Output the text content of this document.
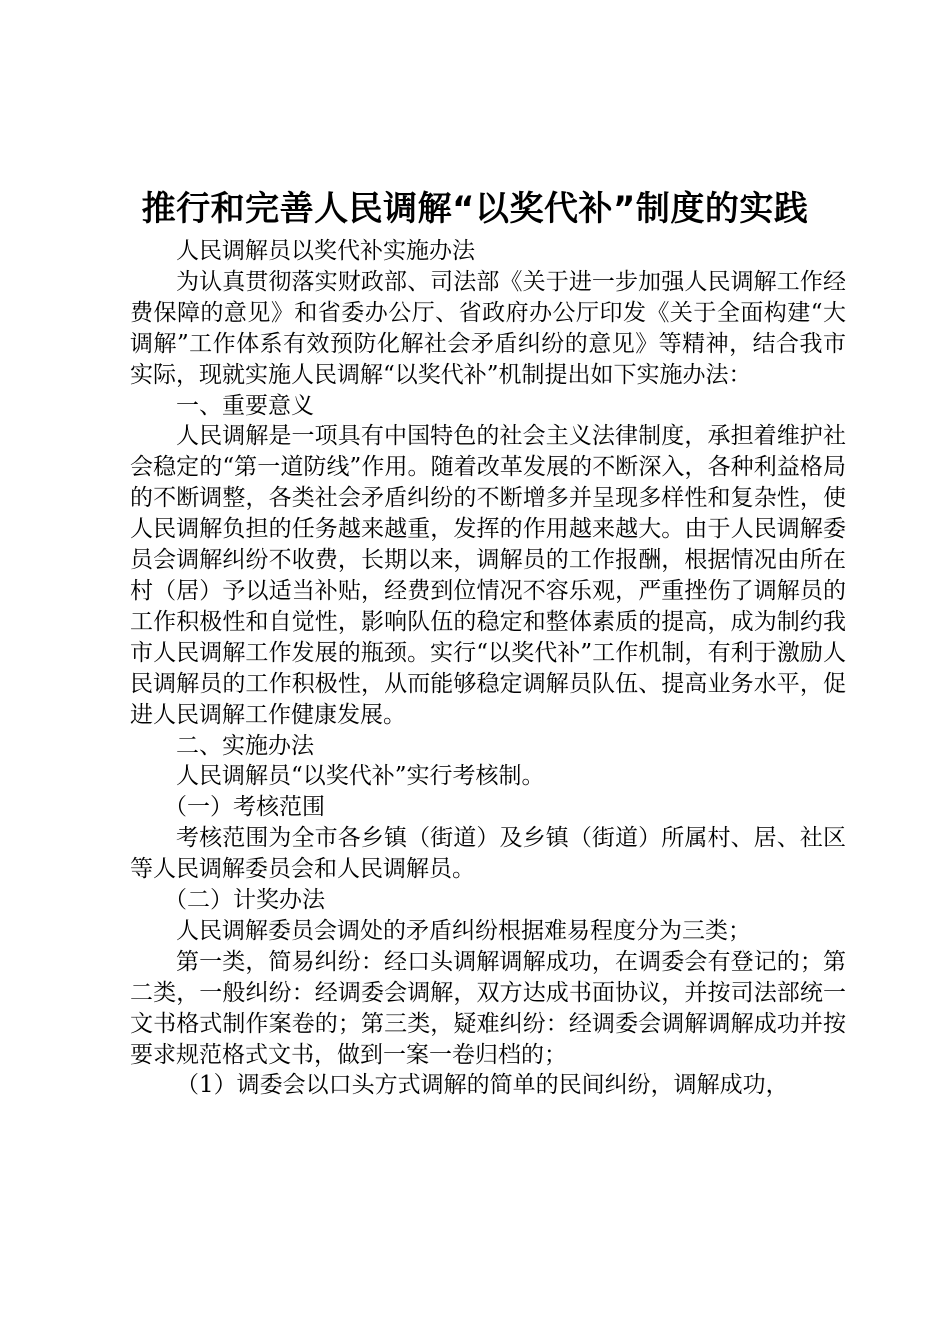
推行和完善人民调解“以奖代补”制度的实践

人民调解员以奖代补实施办法

为认真贯彻落实财政部、司法部《关于进一步加强人民调解工作经费保障的意见》和省委办公厅、省政府办公厅印发《关于全面构建“大调解”工作体系有效预防化解社会矛盾纠纷的意见》等精神，结合我市实际，现就实施人民调解“以奖代补”机制提出如下实施办法：

一、重要意义

人民调解是一项具有中国特色的社会主义法律制度，承担着维护社会稳定的“第一道防线”作用。随着改革发展的不断深入，各种利益格局的不断调整，各类社会矛盾纠纷的不断增多并呈现多样性和复杂性，使人民调解负担的任务越来越重，发挥的作用越来越大。由于人民调解委员会调解纠纷不收费，长期以来，调解员的工作报酬，根据情况由所在村（居）予以适当补贴，经费到位情况不容乐观，严重挫伤了调解员的工作积极性和自觉性，影响队伍的稳定和整体素质的提高，成为制约我市人民调解工作发展的瓶颈。实行“以奖代补”工作机制，有利于激励人民调解员的工作积极性，从而能够稳定调解员队伍、提高业务水平，促进人民调解工作健康发展。

二、实施办法

人民调解员“以奖代补”实行考核制。

（一）考核范围

考核范围为全市各乡镇（街道）及乡镇（街道）所属村、居、社区等人民调解委员会和人民调解员。

（二）计奖办法

人民调解委员会调处的矛盾纠纷根据难易程度分为三类；

第一类，简易纠纷：经口头调解调解成功，在调委会有登记的；第二类，一般纠纷：经调委会调解，双方达成书面协议，并按司法部统一文书格式制作案卷的；第三类，疑难纠纷：经调委会调解调解成功并按要求规范格式文书，做到一案一卷归档的；

（1）调委会以口头方式调解的简单的民间纠纷，调解成功，
